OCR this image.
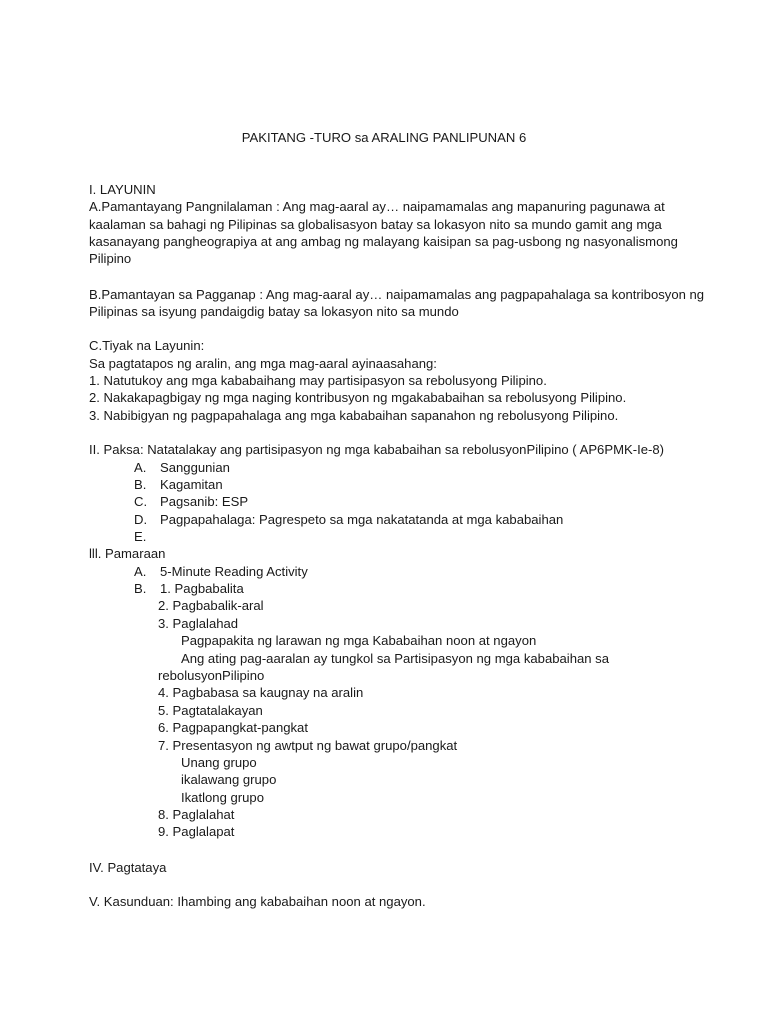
PAKITANG -TURO sa ARALING PANLIPUNAN 6
I. LAYUNIN
A.Pamantayang Pangnilalaman : Ang mag-aaral ay… naipamamalas ang mapanuring pagunawa at
kaalaman sa bahagi ng Pilipinas sa globalisasyon batay sa lokasyon nito sa mundo gamit ang mga
kasanayang pangheograpiya at ang ambag ng malayang kaisipan sa pag-usbong ng nasyonalismong
Pilipino
B.Pamantayan sa Pagganap : Ang mag-aaral ay… naipamamalas ang pagpapahalaga sa kontribosyon ng
Pilipinas sa isyung pandaigdig batay sa lokasyon nito sa mundo
C.Tiyak na Layunin:
Sa pagtatapos ng aralin, ang mga mag-aaral ayinaasahang:
1. Natutukoy ang mga kababaihang may partisipasyon sa rebolusyong Pilipino.
2. Nakakapagbigay ng mga naging kontribusyon ng mgakababaihan sa rebolusyong Pilipino.
3. Nabibigyan ng pagpapahalaga ang mga kababaihan sapanahon ng rebolusyong Pilipino.
II. Paksa: Natatalakay ang partisipasyon ng mga kababaihan sa rebolusyonPilipino ( AP6PMK-Ie-8)
A. Sanggunian
B. Kagamitan
C. Pagsanib: ESP
D. Pagpapahalaga: Pagrespeto sa mga nakatatanda at mga kababaihan
E.
lll. Pamaraan
A. 5-Minute Reading Activity
B. 1. Pagbabalita
2. Pagbabalik-aral
3. Paglalahad
Pagpapakita ng larawan ng mga Kababaihan noon at ngayon
Ang ating pag-aaralan ay tungkol sa Partisipasyon ng mga kababaihan sa
rebolusyonPilipino
4. Pagbabasa sa kaugnay na aralin
5. Pagtatalakayan
6. Pagpapangkat-pangkat
7. Presentasyon ng awtput ng bawat grupo/pangkat
Unang grupo
ikalawang grupo
Ikatlong grupo
8. Paglalahat
9. Paglalapat
IV. Pagtataya
V. Kasunduan: Ihambing ang kababaihan noon at ngayon.
